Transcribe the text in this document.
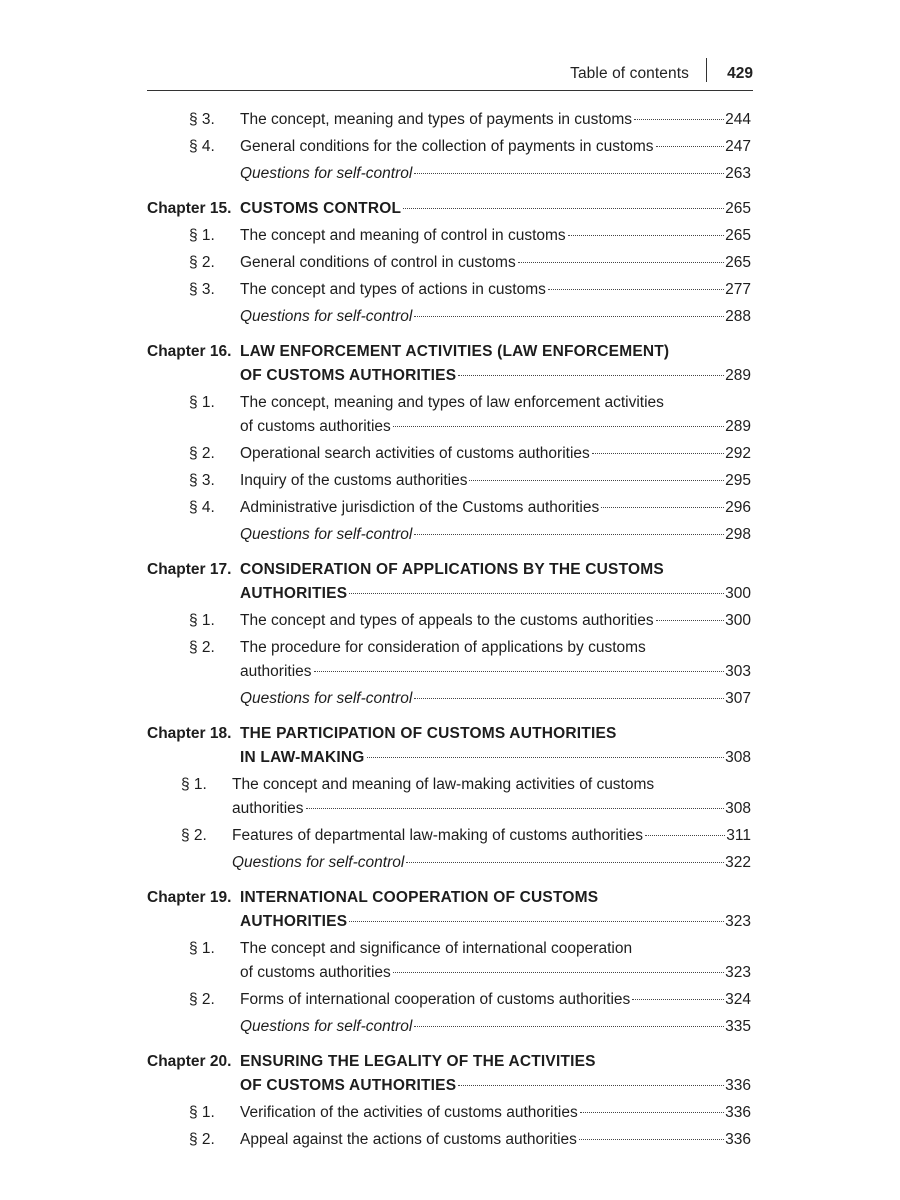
Table of contents 429
§ 3. The concept, meaning and types of payments in customs	244
§ 4. General conditions for the collection of payments in customs	247
Questions for self-control	263
Chapter 15. CUSTOMS CONTROL	265
§ 1. The concept and meaning of control in customs	265
§ 2. General conditions of control in customs	265
§ 3. The concept and types of actions in customs	277
Questions for self-control	288
Chapter 16. LAW ENFORCEMENT ACTIVITIES (LAW ENFORCEMENT)
OF CUSTOMS AUTHORITIES	289
§ 1. The concept, meaning and types of law enforcement activities
of customs authorities	289
§ 2. Operational search activities of customs authorities	292
§ 3. Inquiry of the customs authorities	295
§ 4. Administrative jurisdiction of the Customs authorities	296
Questions for self-control	298
Chapter 17. CONSIDERATION OF APPLICATIONS BY THE CUSTOMS
AUTHORITIES	300
§ 1. The concept and types of appeals to the customs authorities	300
§ 2. The procedure for consideration of applications by customs
authorities	303
Questions for self-control	307
Chapter 18. THE PARTICIPATION OF CUSTOMS AUTHORITIES
IN LAW-MAKING	308
§ 1. The concept and meaning of law-making activities of customs
authorities	308
§ 2. Features of departmental law-making of customs authorities	311
Questions for self-control	322
Chapter 19. INTERNATIONAL COOPERATION OF CUSTOMS
AUTHORITIES	323
§ 1. The concept and significance of international cooperation
of customs authorities	323
§ 2. Forms of international cooperation of customs authorities	324
Questions for self-control	335
Chapter 20. ENSURING THE LEGALITY OF THE ACTIVITIES
OF CUSTOMS AUTHORITIES	336
§ 1. Verification of the activities of customs authorities	336
§ 2. Appeal against the actions of customs authorities	336
